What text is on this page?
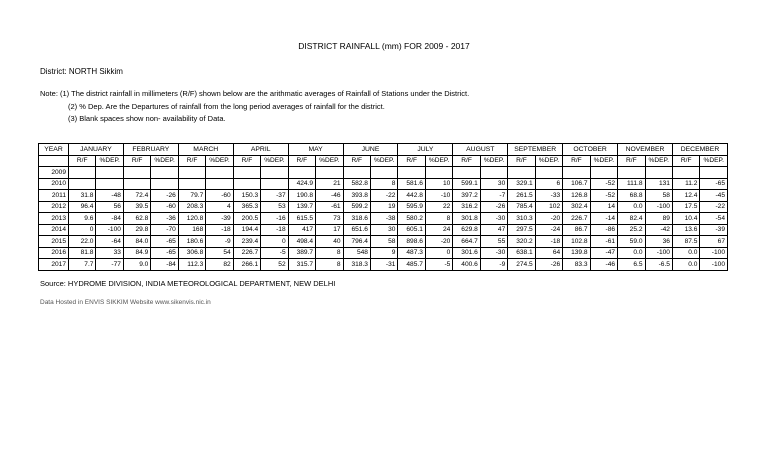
DISTRICT RAINFALL (mm) FOR 2009 - 2017
District: NORTH Sikkim
Note: (1) The district rainfall in millimeters (R/F) shown below are the arithmatic averages of Rainfall of Stations under the District.
(2) % Dep. Are the Departures of rainfall from the long period averages of rainfall for the district.
(3) Blank spaces show non- availability of Data.
YEAR	JANUARY		FEBRUARY		MARCH		APRIL		MAY		JUNE		JULY		AUGUST		SEPTEMBER		OCTOBER		NOVEMBER		DECEMBER	
	R/F	%DEP.	R/F	%DEP.	R/F	%DEP.	R/F	%DEP.	R/F	%DEP.	R/F	%DEP.	R/F	%DEP.	R/F	%DEP.	R/F	%DEP.	R/F	%DEP.	R/F	%DEP.	R/F	%DEP.
2009																								
2010									424.9	21	582.8	8	581.6	10	599.1	30	329.1	6	106.7	-52	111.8	131	11.2	-65
2011	31.8	-48	72.4	-26	79.7	-60	150.3	-37	190.8	-46	393.8	-22	442.8	-10	397.2	-7	261.5	-33	126.8	-52	68.8	58	12.4	-45
2012	96.4	56	39.5	-60	208.3	4	365.3	53	139.7	-61	599.2	19	595.9	22	316.2	-26	785.4	102	302.4	14	0.0	-100	17.5	-22
2013	9.6	-84	62.8	-36	120.8	-39	200.5	-16	615.5	73	318.6	-38	580.2	8	301.8	-30	310.3	-20	226.7	-14	82.4	89	10.4	-54
2014	0	-100	29.8	-70	168	-18	194.4	-18	417	17	651.6	30	605.1	24	629.8	47	297.5	-24	86.7	-86	25.2	-42	13.6	-39
2015	22.0	-64	84.0	-65	180.6	-9	239.4	0	498.4	40	796.4	58	898.6	-20	664.7	55	320.2	-18	102.8	-61	59.0	36	87.5	67
2016	81.8	33	84.9	-65	306.8	54	226.7	-5	389.7	8	548	9	487.3	0	301.6	-30	638.1	64	139.8	-47	0.0	-100	0.0	-100
2017	7.7	-77	9.0	-84	112.3	82	266.1	52	315.7	8	318.3	-31	485.7	-5	400.6	-9	274.5	-26	83.3	-46	6.5	-6.5	0.0	-100
Source: HYDROME DIVISION, INDIA METEOROLOGICAL DEPARTMENT, NEW DELHI
Data Hosted in ENVIS SIKKIM Website www.sikenvis.nic.in
